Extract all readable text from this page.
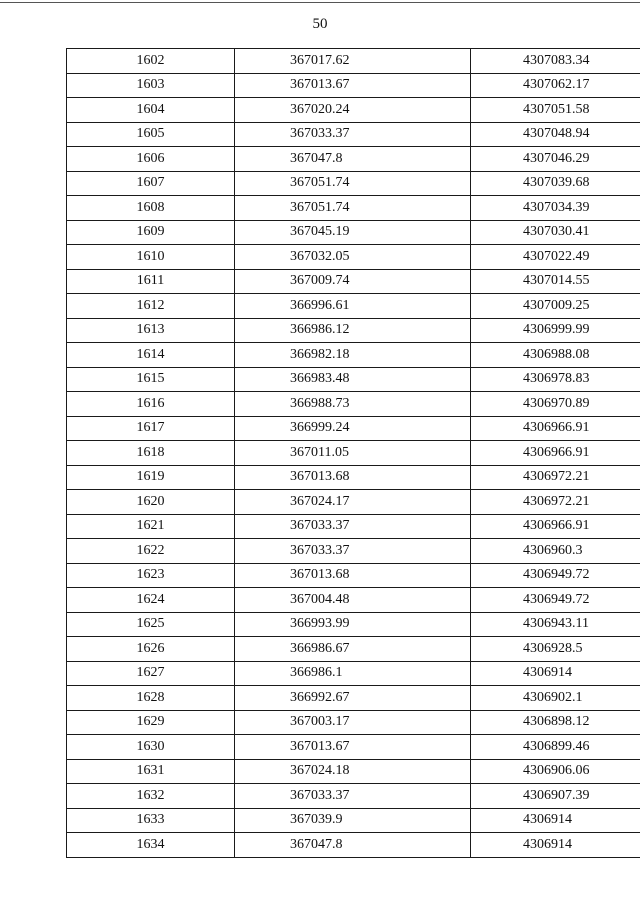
50
1602	367017.62	4307083.34
1603	367013.67	4307062.17
1604	367020.24	4307051.58
1605	367033.37	4307048.94
1606	367047.8	4307046.29
1607	367051.74	4307039.68
1608	367051.74	4307034.39
1609	367045.19	4307030.41
1610	367032.05	4307022.49
1611	367009.74	4307014.55
1612	366996.61	4307009.25
1613	366986.12	4306999.99
1614	366982.18	4306988.08
1615	366983.48	4306978.83
1616	366988.73	4306970.89
1617	366999.24	4306966.91
1618	367011.05	4306966.91
1619	367013.68	4306972.21
1620	367024.17	4306972.21
1621	367033.37	4306966.91
1622	367033.37	4306960.3
1623	367013.68	4306949.72
1624	367004.48	4306949.72
1625	366993.99	4306943.11
1626	366986.67	4306928.5
1627	366986.1	4306914
1628	366992.67	4306902.1
1629	367003.17	4306898.12
1630	367013.67	4306899.46
1631	367024.18	4306906.06
1632	367033.37	4306907.39
1633	367039.9	4306914
1634	367047.8	4306914
